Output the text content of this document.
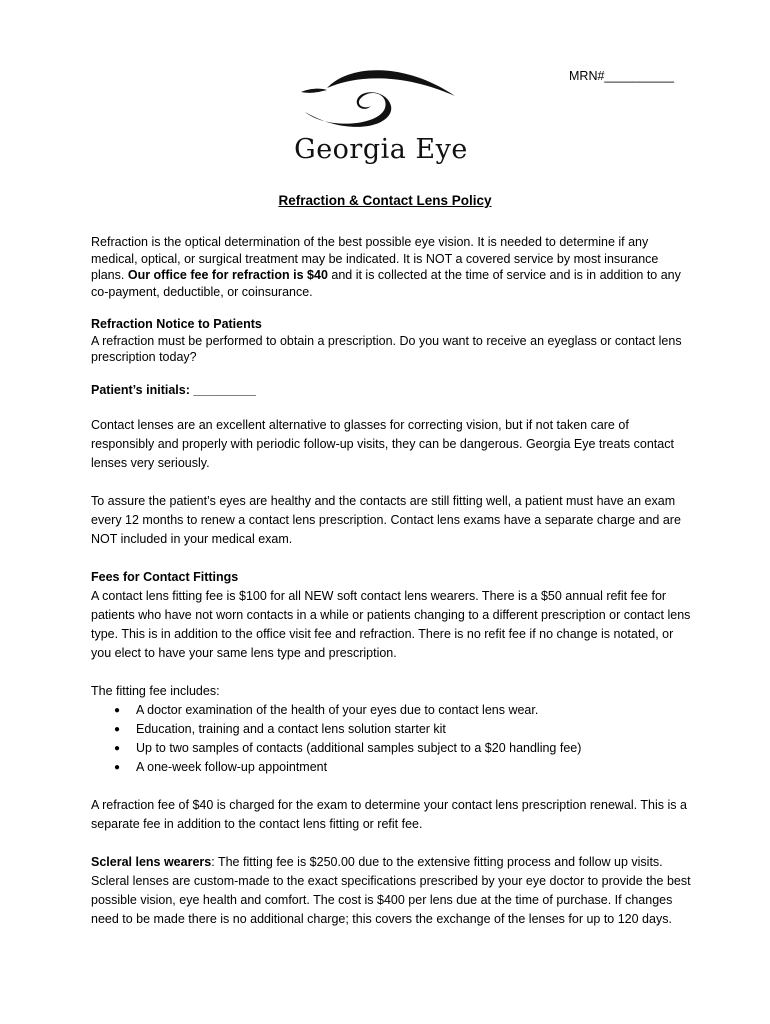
MRN#__________
Georgia Eye
Refraction & Contact Lens Policy

Refraction is the optical determination of the best possible eye vision. It is needed to determine if any medical, optical, or surgical treatment may be indicated. It is NOT a covered service by most insurance plans. Our office fee for refraction is $40 and it is collected at the time of service and is in addition to any co-payment, deductible, or coinsurance.

Refraction Notice to Patients

A refraction must be performed to obtain a prescription. Do you want to receive an eyeglass or contact lens prescription today?

Patient’s initials: _________

Contact lenses are an excellent alternative to glasses for correcting vision, but if not taken care of responsibly and properly with periodic follow-up visits, they can be dangerous. Georgia Eye treats contact lenses very seriously.

To assure the patient’s eyes are healthy and the contacts are still fitting well, a patient must have an exam every 12 months to renew a contact lens prescription. Contact lens exams have a separate charge and are NOT included in your medical exam.

Fees for Contact Fittings

A contact lens fitting fee is $100 for all NEW soft contact lens wearers. There is a $50 annual refit fee for patients who have not worn contacts in a while or patients changing to a different prescription or contact lens type. This is in addition to the office visit fee and refraction. There is no refit fee if no change is notated, or you elect to have your same lens type and prescription.

The fitting fee includes:

● A doctor examination of the health of your eyes due to contact lens wear.
● Education, training and a contact lens solution starter kit
● Up to two samples of contacts (additional samples subject to a $20 handling fee)
● A one-week follow-up appointment

A refraction fee of $40 is charged for the exam to determine your contact lens prescription renewal. This is a separate fee in addition to the contact lens fitting or refit fee.

Scleral lens wearers: The fitting fee is $250.00 due to the extensive fitting process and follow up visits. Scleral lenses are custom-made to the exact specifications prescribed by your eye doctor to provide the best possible vision, eye health and comfort. The cost is $400 per lens due at the time of purchase. If changes need to be made there is no additional charge; this covers the exchange of the lenses for up to 120 days.
